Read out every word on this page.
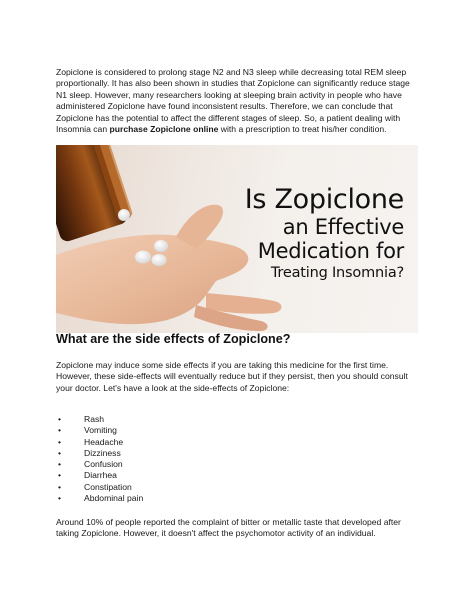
Zopiclone is considered to prolong stage N2 and N3 sleep while decreasing total REM sleep proportionally. It has also been shown in studies that Zopiclone can significantly reduce stage N1 sleep. However, many researchers looking at sleeping brain activity in people who have administered Zopiclone have found inconsistent results. Therefore, we can conclude that Zopiclone has the potential to affect the different stages of sleep. So, a patient dealing with Insomnia can purchase Zopiclone online with a prescription to treat his/her condition.

Is Zopiclone
an Effective
Medication for
Treating Insomnia?
What are the side effects of Zopiclone?

Zopiclone may induce some side effects if you are taking this medicine for the first time. However, these side-effects will eventually reduce but if they persist, then you should consult your doctor. Let's have a look at the side-effects of Zopiclone:

• Rash
• Vomiting
• Headache
• Dizziness
• Confusion
• Diarrhea
• Constipation
• Abdominal pain

Around 10% of people reported the complaint of bitter or metallic taste that developed after taking Zopiclone. However, it doesn't affect the psychomotor activity of an individual.
